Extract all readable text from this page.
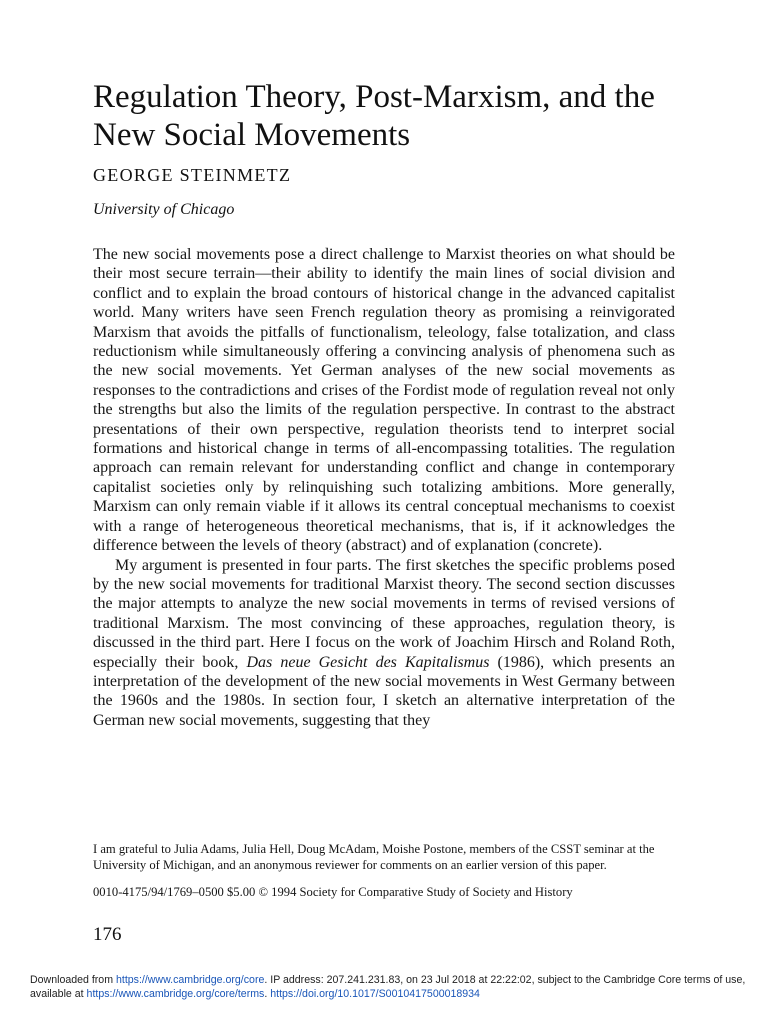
Regulation Theory, Post-Marxism, and the New Social Movements
GEORGE STEINMETZ
University of Chicago

The new social movements pose a direct challenge to Marxist theories on what should be their most secure terrain—their ability to identify the main lines of social division and conflict and to explain the broad contours of historical change in the advanced capitalist world. Many writers have seen French regulation theory as promising a reinvigorated Marxism that avoids the pitfalls of functionalism, teleology, false totalization, and class reductionism while simultaneously offering a convincing analysis of phenomena such as the new social movements. Yet German analyses of the new social movements as responses to the contradictions and crises of the Fordist mode of regulation reveal not only the strengths but also the limits of the regulation perspective. In contrast to the abstract presentations of their own perspective, regulation theorists tend to interpret social formations and historical change in terms of all-encompassing totalities. The regulation approach can remain relevant for understanding conflict and change in contemporary capitalist societies only by relinquishing such totalizing ambitions. More generally, Marxism can only remain viable if it allows its central conceptual mechanisms to coexist with a range of heterogeneous theoretical mechanisms, that is, if it acknowledges the difference between the levels of theory (abstract) and of explanation (concrete).

My argument is presented in four parts. The first sketches the specific problems posed by the new social movements for traditional Marxist theory. The second section discusses the major attempts to analyze the new social movements in terms of revised versions of traditional Marxism. The most convincing of these approaches, regulation theory, is discussed in the third part. Here I focus on the work of Joachim Hirsch and Roland Roth, especially their book, Das neue Gesicht des Kapitalismus (1986), which presents an interpretation of the development of the new social movements in West Germany between the 1960s and the 1980s. In section four, I sketch an alternative interpretation of the German new social movements, suggesting that they

I am grateful to Julia Adams, Julia Hell, Doug McAdam, Moishe Postone, members of the CSST seminar at the University of Michigan, and an anonymous reviewer for comments on an earlier version of this paper.

0010-4175/94/1769–0500 $5.00 © 1994 Society for Comparative Study of Society and History

176

Downloaded from https://www.cambridge.org/core. IP address: 207.241.231.83, on 23 Jul 2018 at 22:22:02, subject to the Cambridge Core terms of use, available at https://www.cambridge.org/core/terms. https://doi.org/10.1017/S0010417500018934
